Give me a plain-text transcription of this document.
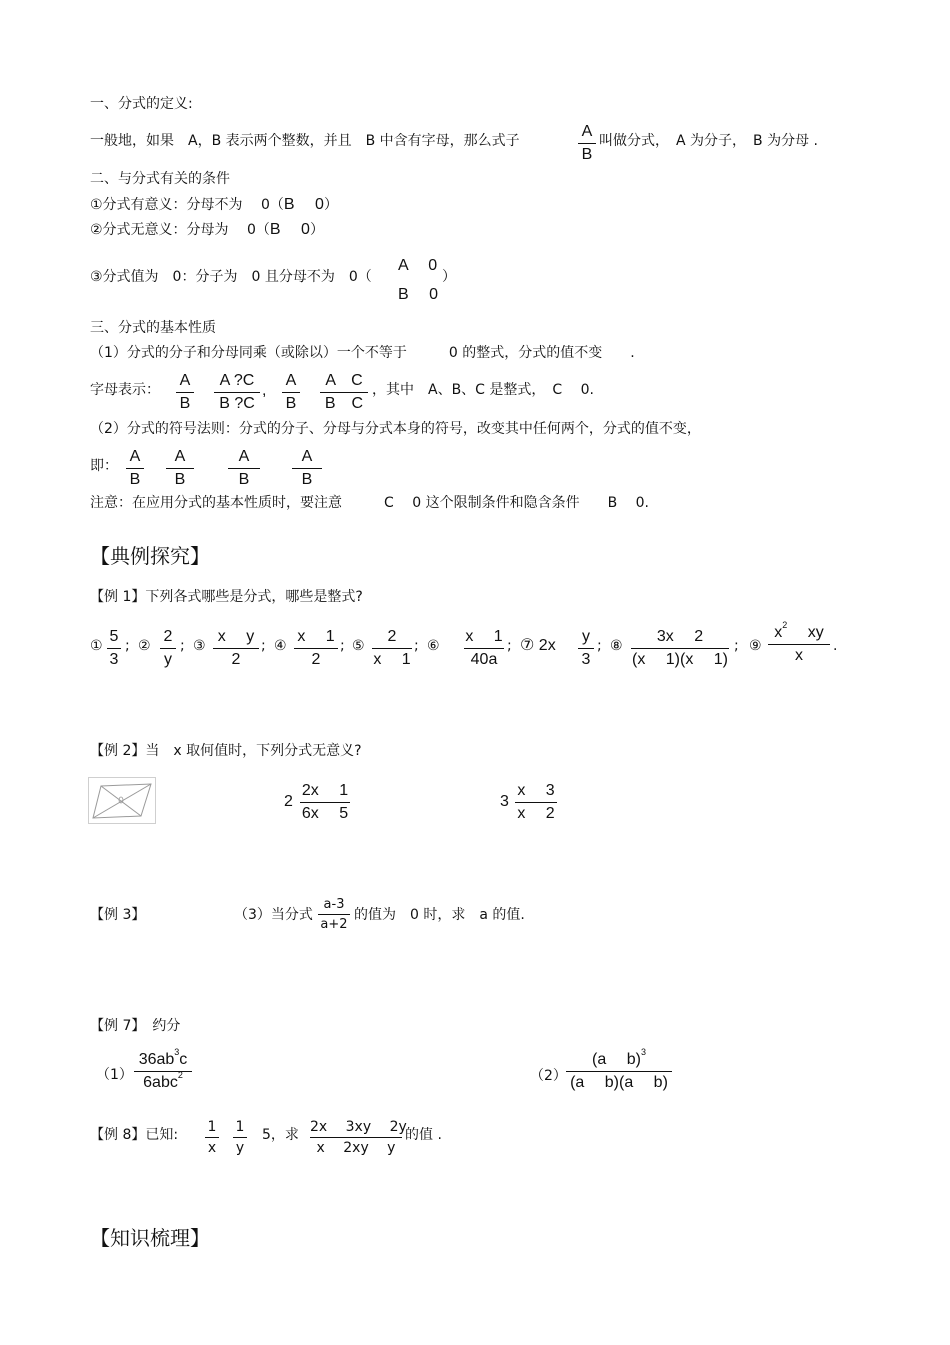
一、分式的定义:
一般地，如果　A，B 表示两个整数，并且　B 中含有字母，那么式子
A
B
叫做分式，　A 为分子，　B 为分母 .
二、与分式有关的条件
①分式有意义：分母不为　 0（B　 0）
②分式无意义：分母为　 0（B　 0）
③分式值为　0：分子为　0 且分母不为　0（
A　 0
B　 0
）
三、分式的基本性质
（1）分式的分子和分母同乘（或除以）一个不等于　　　0 的整式，分式的值不变　　.
字母表示：
A
B
A ?C
B ?C
,
A
B
A　C
B　C
，其中　A、B、C 是整式，　C　 0.
（2）分式的符号法则：分式的分子、分母与分式本身的符号，改变其中任何两个，分式的值不变，
即：
A
B
A
B
A
B
A
B
注意：在应用分式的基本性质时，要注意　　　C　 0 这个限制条件和隐含条件　　B　 0.
【典例探究】
【例 1】下列各式哪些是分式，哪些是整式?
①
5
3
; ②
2
y
; ③
x　 y
2
; ④
x　 1
2
; ⑤
2
x　 1
; ⑥
x　 1
40a
; ⑦ 2x
y
3
; ⑧
3x　 2
(x　 1)(x　 1)
; ⑨
$x^2$　 xy
x
.
【例 2】当　x 取何值时，下列分式无意义?
2
2x　 1
6x　 5
3
x　 3
x　 2
【例 3】	（3）当分式
a-3
a+2
的值为　0 时，求　a 的值.
【例 7】　约分
（1）
$36ab^3c$
6abc$^2$	（2）
(a　 b)$^3$
(a　 b)(a　 b)
【例 8】已知: 1
x
1
y
5，求 2x　 3xy　 2y
x　 2xy　 y
的值 .
【知识梳理】
